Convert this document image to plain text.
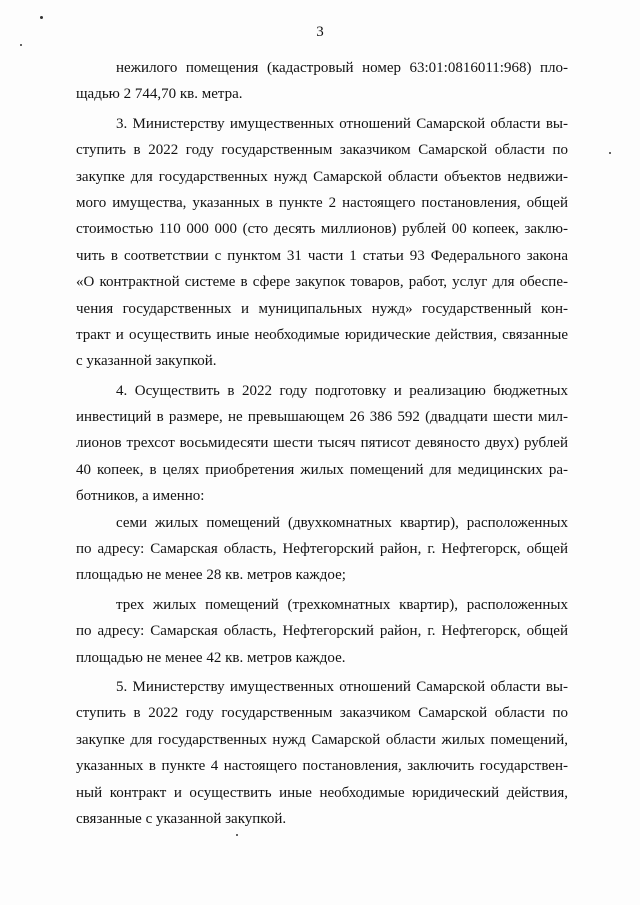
3
нежилого помещения (кадастровый номер 63:01:0816011:968) пло-
щадью 2 744,70 кв. метра.
3. Министерству имущественных отношений Самарской области вы-
ступить в 2022 году государственным заказчиком Самарской области по
закупке для государственных нужд Самарской области объектов недвижи-
мого имущества, указанных в пункте 2 настоящего постановления, общей
стоимостью 110 000 000 (сто десять миллионов) рублей 00 копеек, заклю-
чить в соответствии с пунктом 31 части 1 статьи 93 Федерального закона
«О контрактной системе в сфере закупок товаров, работ, услуг для обеспе-
чения государственных и муниципальных нужд» государственный кон-
тракт и осуществить иные необходимые юридические действия, связанные
с указанной закупкой.
4. Осуществить в 2022 году подготовку и реализацию бюджетных
инвестиций в размере, не превышающем 26 386 592 (двадцати шести мил-
лионов трехсот восьмидесяти шести тысяч пятисот девяносто двух) рублей
40 копеек, в целях приобретения жилых помещений для медицинских ра-
ботников, а именно:
семи жилых помещений (двухкомнатных квартир), расположенных
по адресу: Самарская область, Нефтегорский район, г. Нефтегорск, общей
площадью не менее 28 кв. метров каждое;
трех жилых помещений (трехкомнатных квартир), расположенных
по адресу: Самарская область, Нефтегорский район, г. Нефтегорск, общей
площадью не менее 42 кв. метров каждое.
5. Министерству имущественных отношений Самарской области вы-
ступить в 2022 году государственным заказчиком Самарской области по
закупке для государственных нужд Самарской области жилых помещений,
указанных в пункте 4 настоящего постановления, заключить государствен-
ный контракт и осуществить иные необходимые юридический действия,
связанные с указанной закупкой.
